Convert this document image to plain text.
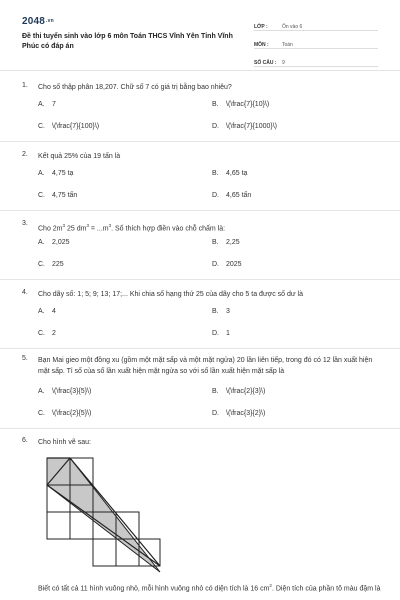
2048.vn
Đề thi tuyển sinh vào lớp 6 môn Toán THCS Vĩnh Yên Tỉnh Vĩnh Phúc có đáp án
LỚP :	Ôn vào 6
MÔN :	Toán
SỐ CÂU :	9
1. Cho số thập phân 18,207. Chữ số 7 có giá trị bằng bao nhiêu?
A. 7	B. \(\frac{7}{10}\)
C. \(\frac{7}{100}\)	D. \(\frac{7}{1000}\)
2. Kết quả 25% của 19 tấn là
A. 4,75 tạ	B. 4,65 tạ
C. 4,75 tấn	D. 4,65 tấn
3.
Cho $2m^3$ 25 $dm^3 = ...m^3$. Số thích hợp điền vào chỗ chấm là:
A. 2,025	B. 2,25
C. 225	D. 2025
4. Cho dãy số: 1; 5; 9; 13; 17;... Khi chia số hạng thứ 25 của dãy cho 5 ta được số dư là
A. 4	B. 3
C. 2	D. 1
5. Bạn Mai gieo một đồng xu (gồm một mặt sấp và một mặt ngửa) 20 lần liên tiếp, trong đó có 12 lần xuất hiện mặt sấp. Tỉ số của số lần xuất hiện mặt ngửa so với số lần xuất hiện mặt sấp là
A. \(\frac{3}{5}\)	B. \(\frac{2}{3}\)
C. \(\frac{2}{5}\)	D. \(\frac{3}{2}\)
6. Cho hình vẽ sau:
Biết có tất cả 11 hình vuông nhỏ, mỗi hình vuông nhỏ có diện tích là 16 $cm^2$. Diện tích của phần tô màu đậm là
